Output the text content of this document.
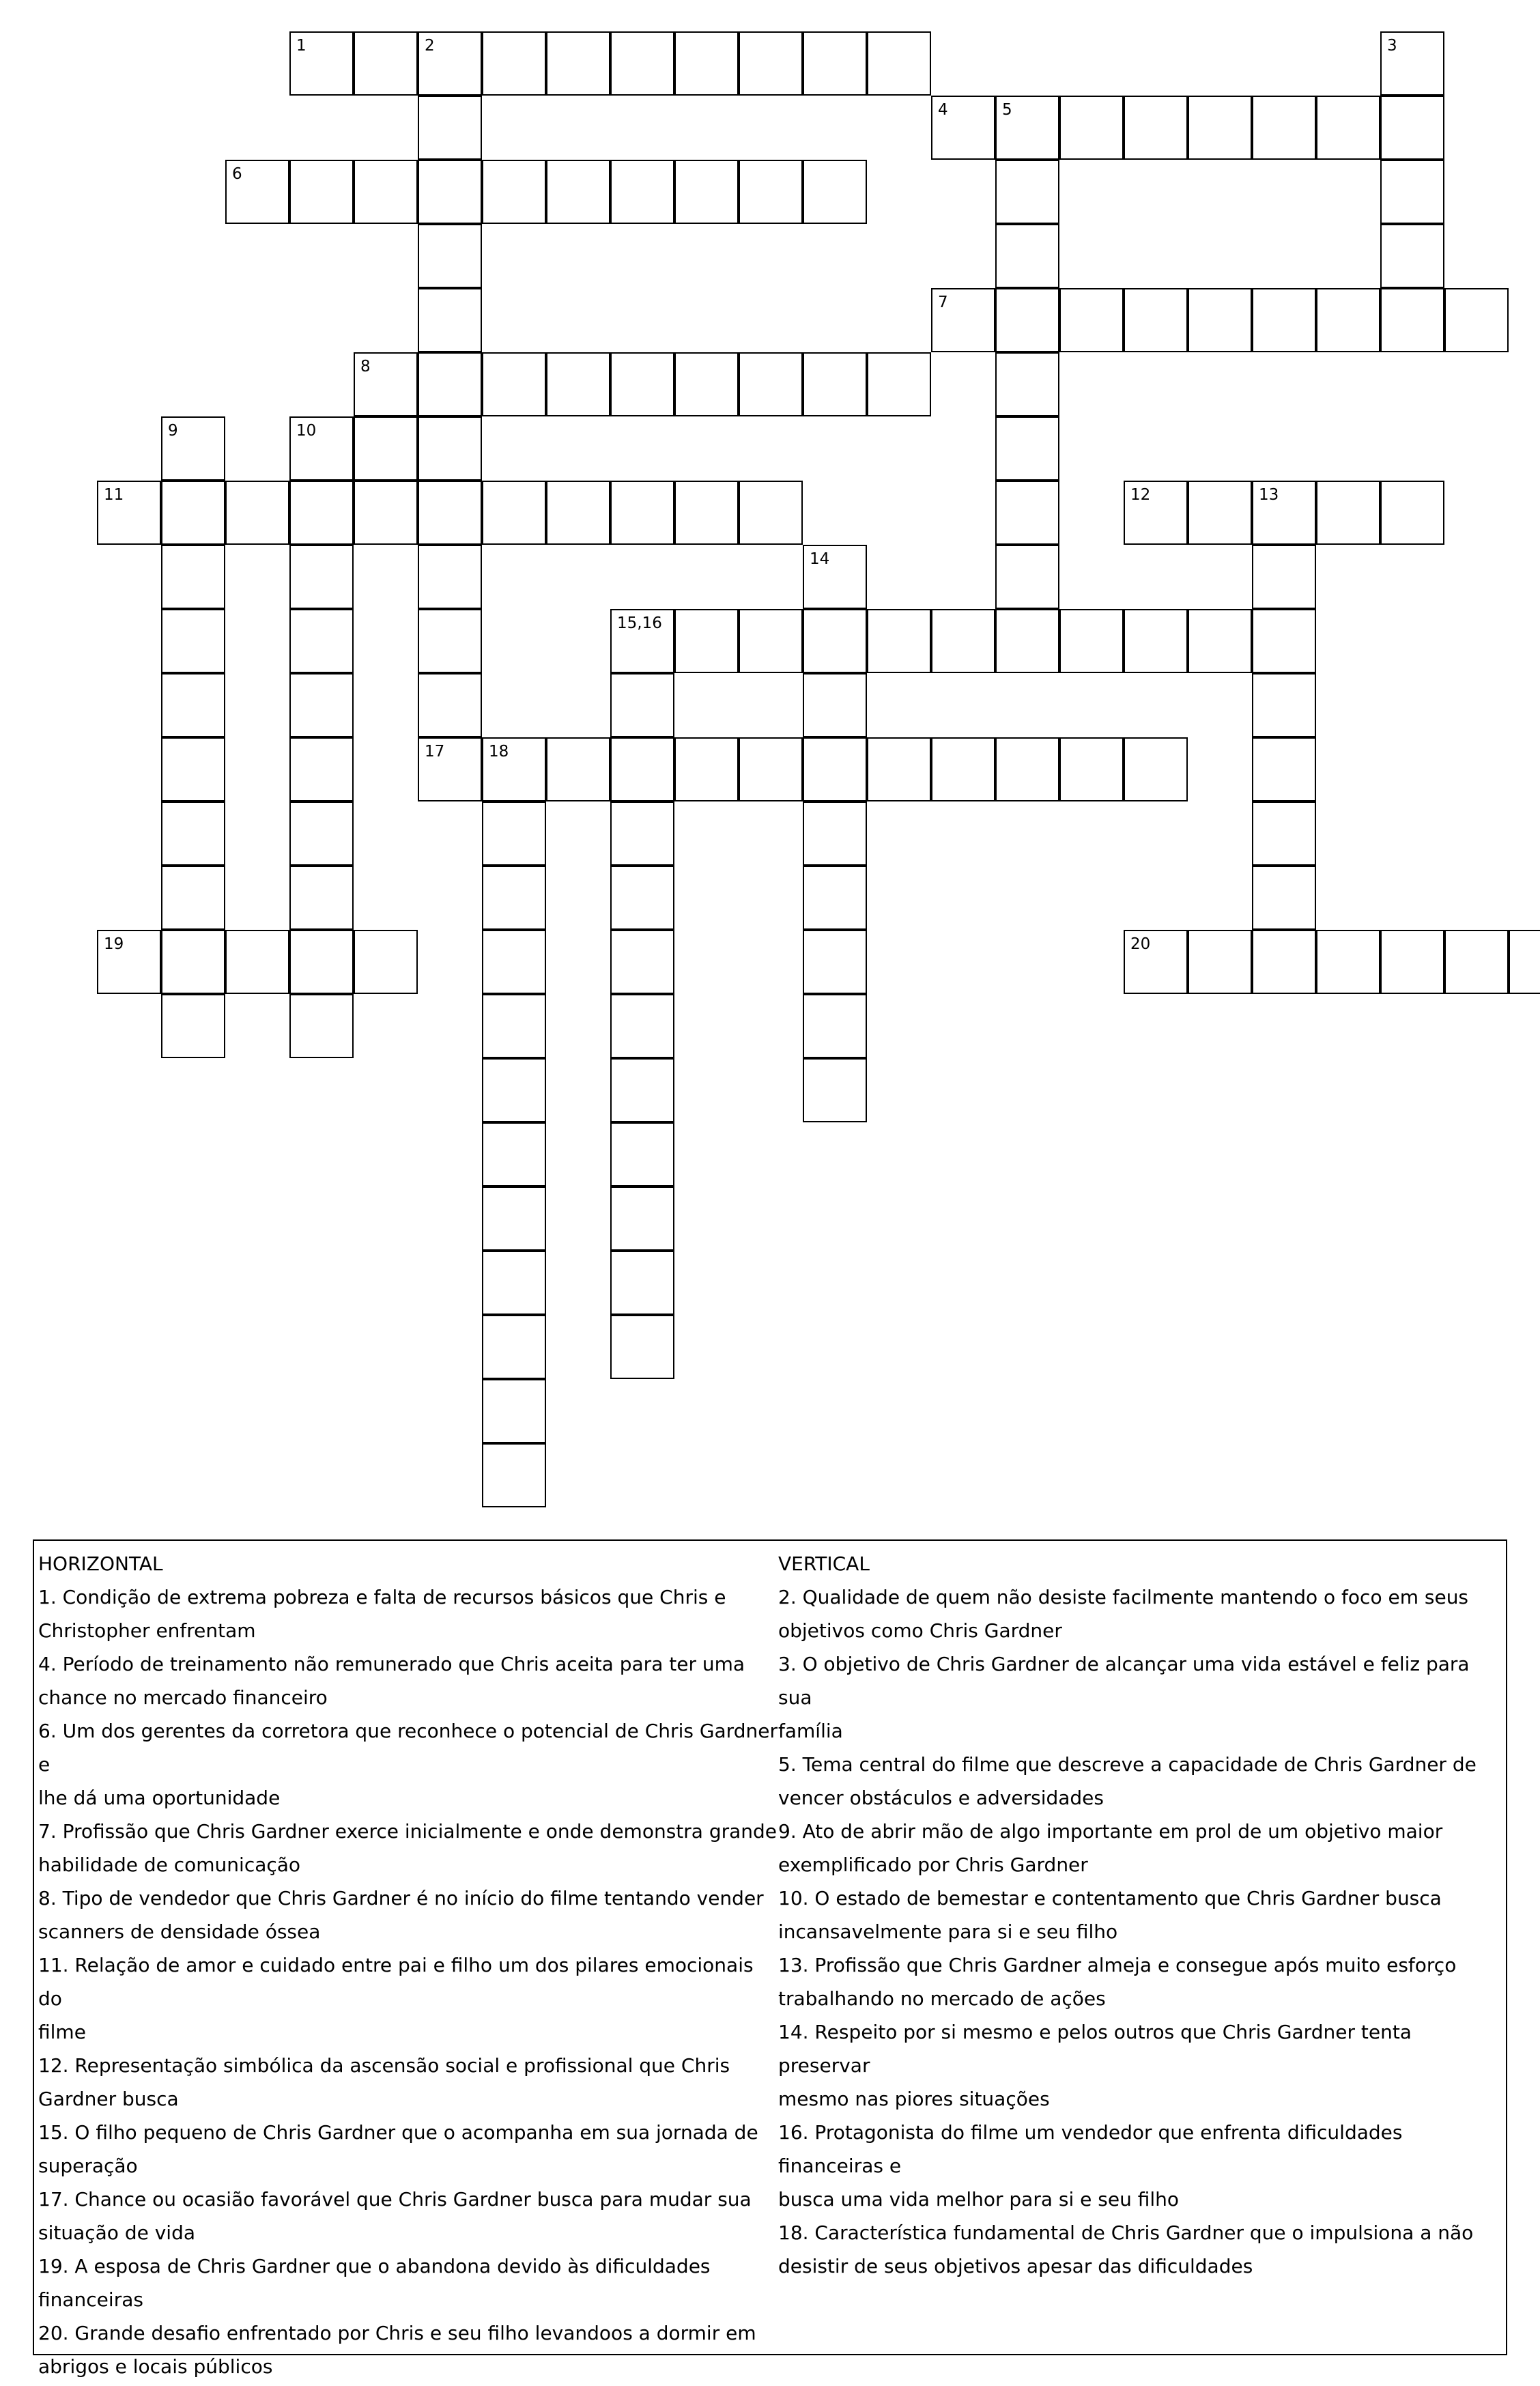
1	2	3
4	5
6
7
8
9	10
11	12	13
14
15,16
17	18
19	20

HORIZONTAL

1. Condição de extrema pobreza e falta de recursos básicos que Chris e

Christopher enfrentam

4. Período de treinamento não remunerado que Chris aceita para ter uma

chance no mercado financeiro

6. Um dos gerentes da corretora que reconhece o potencial de Chris Gardner e

lhe dá uma oportunidade

7. Profissão que Chris Gardner exerce inicialmente e onde demonstra grande

habilidade de comunicação

8. Tipo de vendedor que Chris Gardner é no início do filme tentando vender

scanners de densidade óssea

11. Relação de amor e cuidado entre pai e filho um dos pilares emocionais do

filme

12. Representação simbólica da ascensão social e profissional que Chris

Gardner busca

15. O filho pequeno de Chris Gardner que o acompanha em sua jornada de

superação

17. Chance ou ocasião favorável que Chris Gardner busca para mudar sua

situação de vida

19. A esposa de Chris Gardner que o abandona devido às dificuldades

financeiras

20. Grande desafio enfrentado por Chris e seu filho levandoos a dormir em

abrigos e locais públicos

VERTICAL

2. Qualidade de quem não desiste facilmente mantendo o foco em seus

objetivos como Chris Gardner

3. O objetivo de Chris Gardner de alcançar uma vida estável e feliz para sua

família

5. Tema central do filme que descreve a capacidade de Chris Gardner de

vencer obstáculos e adversidades

9. Ato de abrir mão de algo importante em prol de um objetivo maior

exemplificado por Chris Gardner

10. O estado de bemestar e contentamento que Chris Gardner busca

incansavelmente para si e seu filho

13. Profissão que Chris Gardner almeja e consegue após muito esforço

trabalhando no mercado de ações

14. Respeito por si mesmo e pelos outros que Chris Gardner tenta preservar

mesmo nas piores situações

16. Protagonista do filme um vendedor que enfrenta dificuldades financeiras e

busca uma vida melhor para si e seu filho

18. Característica fundamental de Chris Gardner que o impulsiona a não

desistir de seus objetivos apesar das dificuldades
